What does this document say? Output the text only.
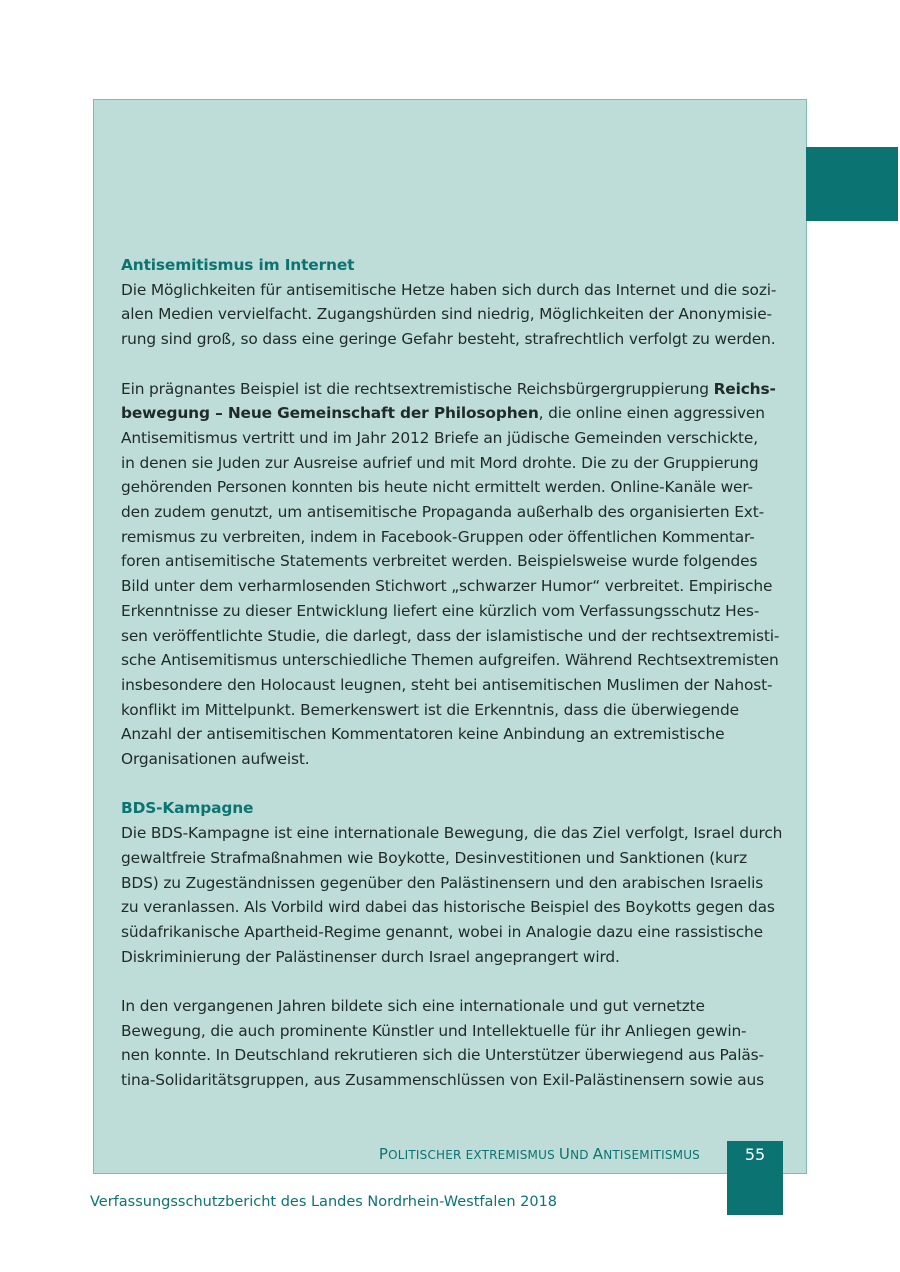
Antisemitismus im Internet
Die Möglichkeiten für antisemitische Hetze haben sich durch das Internet und die sozi-
alen Medien vervielfacht. Zugangshürden sind niedrig, Möglichkeiten der Anonymisie-
rung sind groß, so dass eine geringe Gefahr besteht, strafrechtlich verfolgt zu werden.
Ein prägnantes Beispiel ist die rechtsextremistische Reichsbürgergruppierung Reichs-
bewegung – Neue Gemeinschaft der Philosophen, die online einen aggressiven
Antisemitismus vertritt und im Jahr 2012 Briefe an jüdische Gemeinden verschickte,
in denen sie Juden zur Ausreise aufrief und mit Mord drohte. Die zu der Gruppierung
gehörenden Personen konnten bis heute nicht ermittelt werden. Online-Kanäle wer-
den zudem genutzt, um antisemitische Propaganda außerhalb des organisierten Ext-
remismus zu verbreiten, indem in Facebook-Gruppen oder öffentlichen Kommentar-
foren antisemitische Statements verbreitet werden. Beispielsweise wurde folgendes
Bild unter dem verharmlosenden Stichwort „schwarzer Humor“ verbreitet. Empirische
Erkenntnisse zu dieser Entwicklung liefert eine kürzlich vom Verfassungsschutz Hes-
sen veröffentlichte Studie, die darlegt, dass der islamistische und der rechtsextremisti-
sche Antisemitismus unterschiedliche Themen aufgreifen. Während Rechtsextremisten
insbesondere den Holocaust leugnen, steht bei antisemitischen Muslimen der Nahost-
konflikt im Mittelpunkt. Bemerkenswert ist die Erkenntnis, dass die überwiegende
Anzahl der antisemitischen Kommentatoren keine Anbindung an extremistische
Organisationen aufweist.
BDS-Kampagne
Die BDS-Kampagne ist eine internationale Bewegung, die das Ziel verfolgt, Israel durch
gewaltfreie Strafmaßnahmen wie Boykotte, Desinvestitionen und Sanktionen (kurz
BDS) zu Zugeständnissen gegenüber den Palästinensern und den arabischen Israelis
zu veranlassen. Als Vorbild wird dabei das historische Beispiel des Boykotts gegen das
südafrikanische Apartheid-Regime genannt, wobei in Analogie dazu eine rassistische
Diskriminierung der Palästinenser durch Israel angeprangert wird.
In den vergangenen Jahren bildete sich eine internationale und gut vernetzte
Bewegung, die auch prominente Künstler und Intellektuelle für ihr Anliegen gewin-
nen konnte. In Deutschland rekrutieren sich die Unterstützer überwiegend aus Paläs-
tina-Solidaritätsgruppen, aus Zusammenschlüssen von Exil-Palästinensern sowie aus
POLITISCHER EXTREMISMUS UND ANTISEMITISMUS	55
Verfassungsschutzbericht des Landes Nordrhein-Westfalen 2018
